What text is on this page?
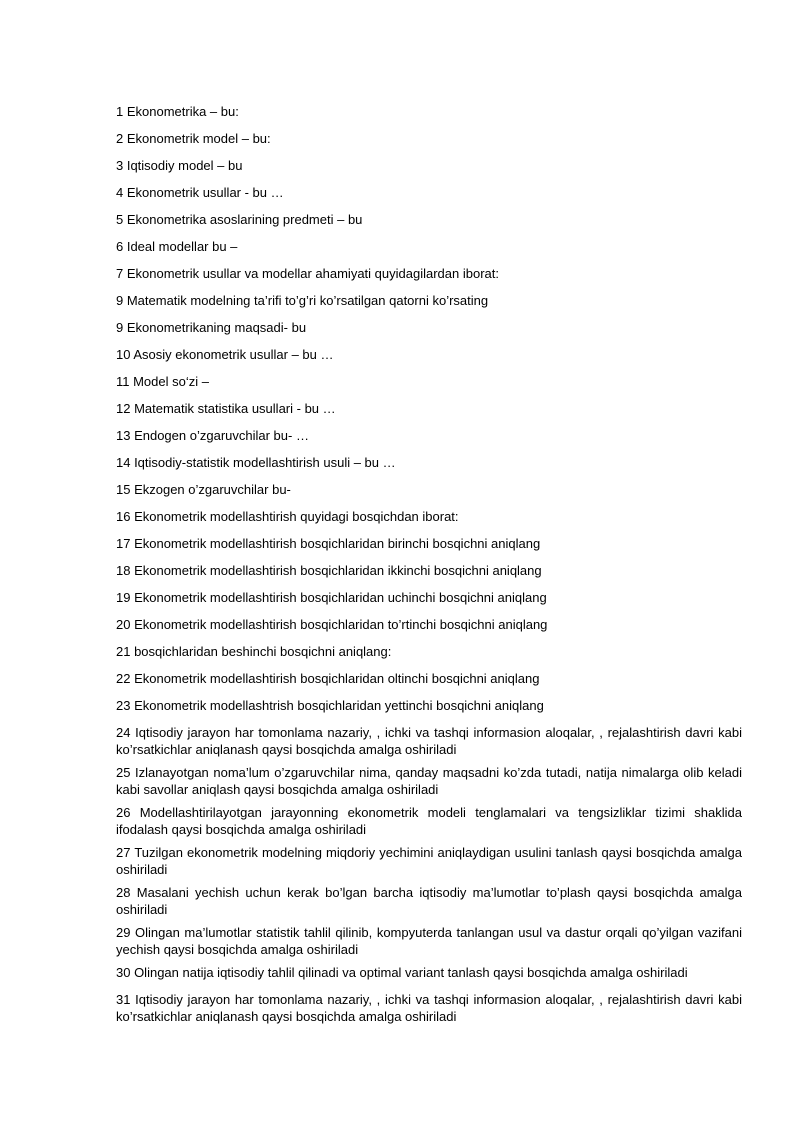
1 Ekonometrika – bu:

2 Ekonometrik model – bu:

3 Iqtisodiy model – bu

4 Ekonometrik usullar - bu …

5 Ekonometrika asoslarining predmeti – bu

6 Ideal modellar bu –

7 Ekonometrik usullar va modellar ahamiyati quyidagilardan iborat:

9 Matematik modelning ta’rifi to’g’ri ko’rsatilgan qatorni ko’rsating

9 Ekonometrikaning maqsadi- bu

10 Asosiy ekonometrik usullar – bu …

11 Model so‘zi –

12 Matematik statistika usullari - bu …

13 Endogen o’zgaruvchilar bu- …

14 Iqtisodiy-statistik modellashtirish usuli – bu …

15 Ekzogen o’zgaruvchilar bu-

16 Ekonometrik modellashtirish quyidagi bosqichdan iborat:

17 Ekonometrik modellashtirish bosqichlaridan birinchi bosqichni aniqlang

18 Ekonometrik modellashtirish bosqichlaridan ikkinchi bosqichni aniqlang

19 Ekonometrik modellashtirish bosqichlaridan uchinchi bosqichni aniqlang

20 Ekonometrik modellashtirish bosqichlaridan to’rtinchi bosqichni aniqlang

21 bosqichlaridan beshinchi bosqichni aniqlang:

22 Ekonometrik modellashtirish bosqichlaridan oltinchi bosqichni aniqlang

23 Ekonometrik modellashtrish bosqichlaridan yettinchi bosqichni aniqlang

24 Iqtisodiy jarayon har tomonlama nazariy, , ichki va tashqi informasion aloqalar, , rejalashtirish davri kabi ko’rsatkichlar aniqlanash qaysi bosqichda amalga oshiriladi

25 Izlanayotgan noma’lum o’zgaruvchilar nima, qanday maqsadni ko’zda tutadi, natija nimalarga olib keladi kabi savollar aniqlash qaysi bosqichda amalga oshiriladi

26 Modellashtirilayotgan jarayonning ekonometrik modeli tenglamalari va tengsizliklar tizimi shaklida ifodalash qaysi bosqichda amalga oshiriladi

27 Tuzilgan ekonometrik modelning miqdoriy yechimini aniqlaydigan usulini tanlash qaysi bosqichda amalga oshiriladi

28 Masalani yechish uchun kerak bo’lgan barcha iqtisodiy ma’lumotlar to’plash qaysi bosqichda amalga oshiriladi

29 Olingan ma’lumotlar statistik tahlil qilinib, kompyuterda tanlangan usul va dastur orqali qo’yilgan vazifani yechish qaysi bosqichda amalga oshiriladi

30 Olingan natija iqtisodiy tahlil qilinadi va optimal variant tanlash qaysi bosqichda amalga oshiriladi

31 Iqtisodiy jarayon har tomonlama nazariy, , ichki va tashqi informasion aloqalar, , rejalashtirish davri kabi ko’rsatkichlar aniqlanash qaysi bosqichda amalga oshiriladi
